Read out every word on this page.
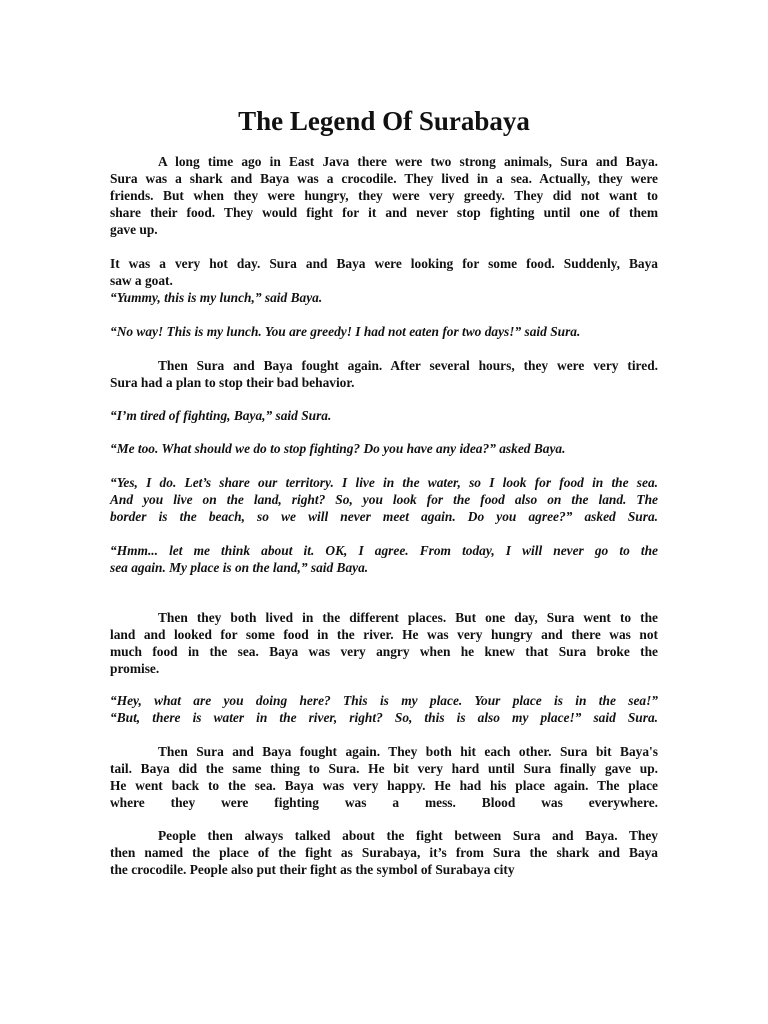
The Legend Of Surabaya
A long time ago in East Java there were two strong animals, Sura and Baya.
Sura was a shark and Baya was a crocodile. They lived in a sea. Actually, they were
friends. But when they were hungry, they were very greedy. They did not want to
share their food. They would fight for it and never stop fighting until one of them
gave up.
It was a very hot day. Sura and Baya were looking for some food. Suddenly, Baya
saw a goat.
“Yummy, this is my lunch,” said Baya.
“No way! This is my lunch. You are greedy! I had not eaten for two days!” said Sura.
Then Sura and Baya fought again. After several hours, they were very tired.
Sura had a plan to stop their bad behavior.
“I’m tired of fighting, Baya,” said Sura.
“Me too. What should we do to stop fighting? Do you have any idea?” asked Baya.
“Yes, I do. Let’s share our territory. I live in the water, so I look for food in the sea.
And you live on the land, right? So, you look for the food also on the land. The
border is the beach, so we will never meet again. Do you agree?” asked Sura.
“Hmm... let me think about it. OK, I agree. From today, I will never go to the
sea again. My place is on the land,” said Baya.
Then they both lived in the different places. But one day, Sura went to the
land and looked for some food in the river. He was very hungry and there was not
much food in the sea. Baya was very angry when he knew that Sura broke the
promise.
“Hey, what are you doing here? This is my place. Your place is in the sea!”
“But, there is water in the river, right? So, this is also my place!” said Sura.
Then Sura and Baya fought again. They both hit each other. Sura bit Baya's
tail. Baya did the same thing to Sura. He bit very hard until Sura finally gave up.
He went back to the sea. Baya was very happy. He had his place again. The place
where they were fighting was a mess. Blood was everywhere.
People then always talked about the fight between Sura and Baya. They
then named the place of the fight as Surabaya, it’s from Sura the shark and Baya
the crocodile. People also put their fight as the symbol of Surabaya city
